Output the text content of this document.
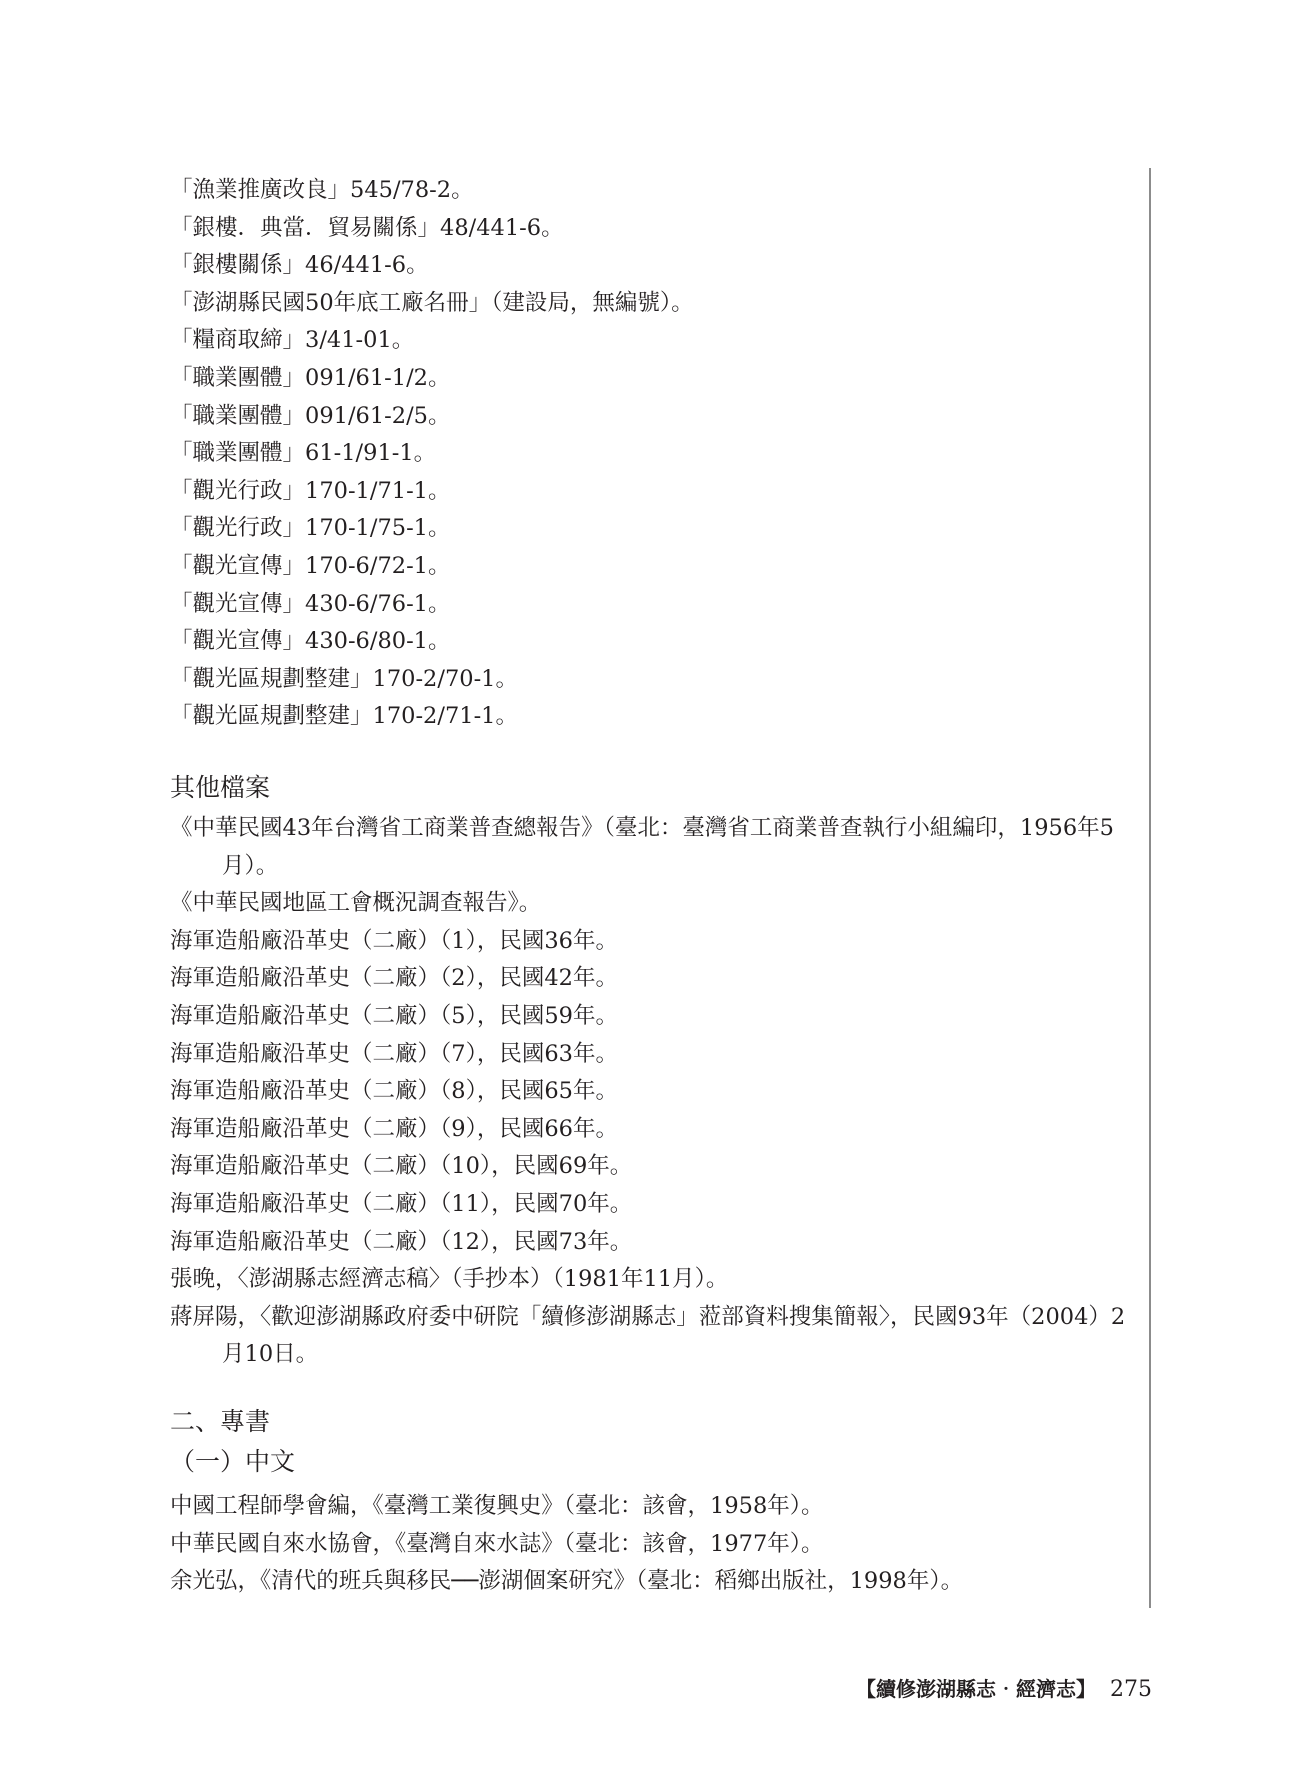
「漁業推廣改良」545/78-2。
「銀樓．典當．貿易關係」48/441-6。
「銀樓關係」46/441-6。
「澎湖縣民國50年底工廠名冊」（建設局，無編號）。
「糧商取締」3/41-01。
「職業團體」091/61-1/2。
「職業團體」091/61-2/5。
「職業團體」61-1/91-1。
「觀光行政」170-1/71-1。
「觀光行政」170-1/75-1。
「觀光宣傳」170-6/72-1。
「觀光宣傳」430-6/76-1。
「觀光宣傳」430-6/80-1。
「觀光區規劃整建」170-2/70-1。
「觀光區規劃整建」170-2/71-1。
其他檔案
《中華民國43年台灣省工商業普查總報告》（臺北：臺灣省工商業普查執行小組編印，1956年5月）。
《中華民國地區工會概況調查報告》。
海軍造船廠沿革史（二廠）（1），民國36年。
海軍造船廠沿革史（二廠）（2），民國42年。
海軍造船廠沿革史（二廠）（5），民國59年。
海軍造船廠沿革史（二廠）（7），民國63年。
海軍造船廠沿革史（二廠）（8），民國65年。
海軍造船廠沿革史（二廠）（9），民國66年。
海軍造船廠沿革史（二廠）（10），民國69年。
海軍造船廠沿革史（二廠）（11），民國70年。
海軍造船廠沿革史（二廠）（12），民國73年。
張晚，〈澎湖縣志經濟志稿〉（手抄本）（1981年11月）。
蔣屏陽，〈歡迎澎湖縣政府委中研院「續修澎湖縣志」蒞部資料搜集簡報〉，民國93年（2004）2月10日。
二、專書
（一）中文
中國工程師學會編，《臺灣工業復興史》（臺北：該會，1958年）。
中華民國自來水協會，《臺灣自來水誌》（臺北：該會，1977年）。
余光弘，《清代的班兵與移民──澎湖個案研究》（臺北：稻鄉出版社，1998年）。
【續修澎湖縣志‧經濟志】 275
